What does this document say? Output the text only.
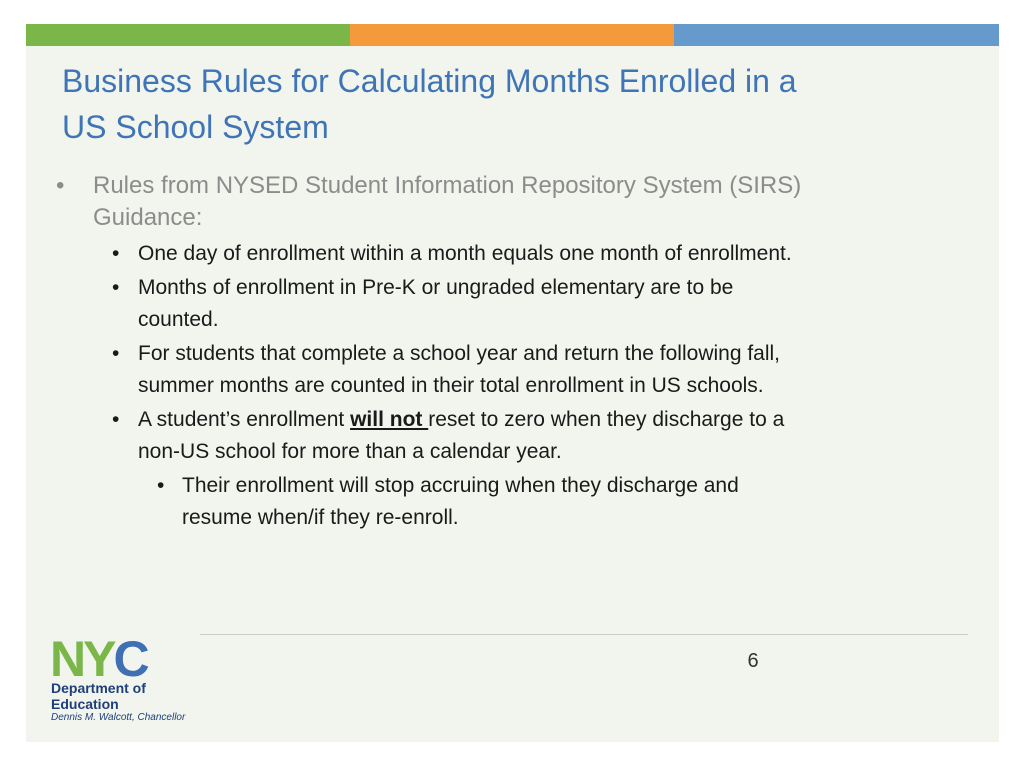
Business Rules for Calculating Months Enrolled in a
US School System
• Rules from NYSED Student Information Repository System (SIRS)
Guidance:
• One day of enrollment within a month equals one month of enrollment.
• Months of enrollment in Pre-K or ungraded elementary are to be
counted.
• For students that complete a school year and return the following fall,
summer months are counted in their total enrollment in US schools.
• A student’s enrollment will not reset to zero when they discharge to a
non-US school for more than a calendar year.
• Their enrollment will stop accruing when they discharge and
resume when/if they re-enroll.
6
NYC
Department of
Education
Dennis M. Walcott, Chancellor
